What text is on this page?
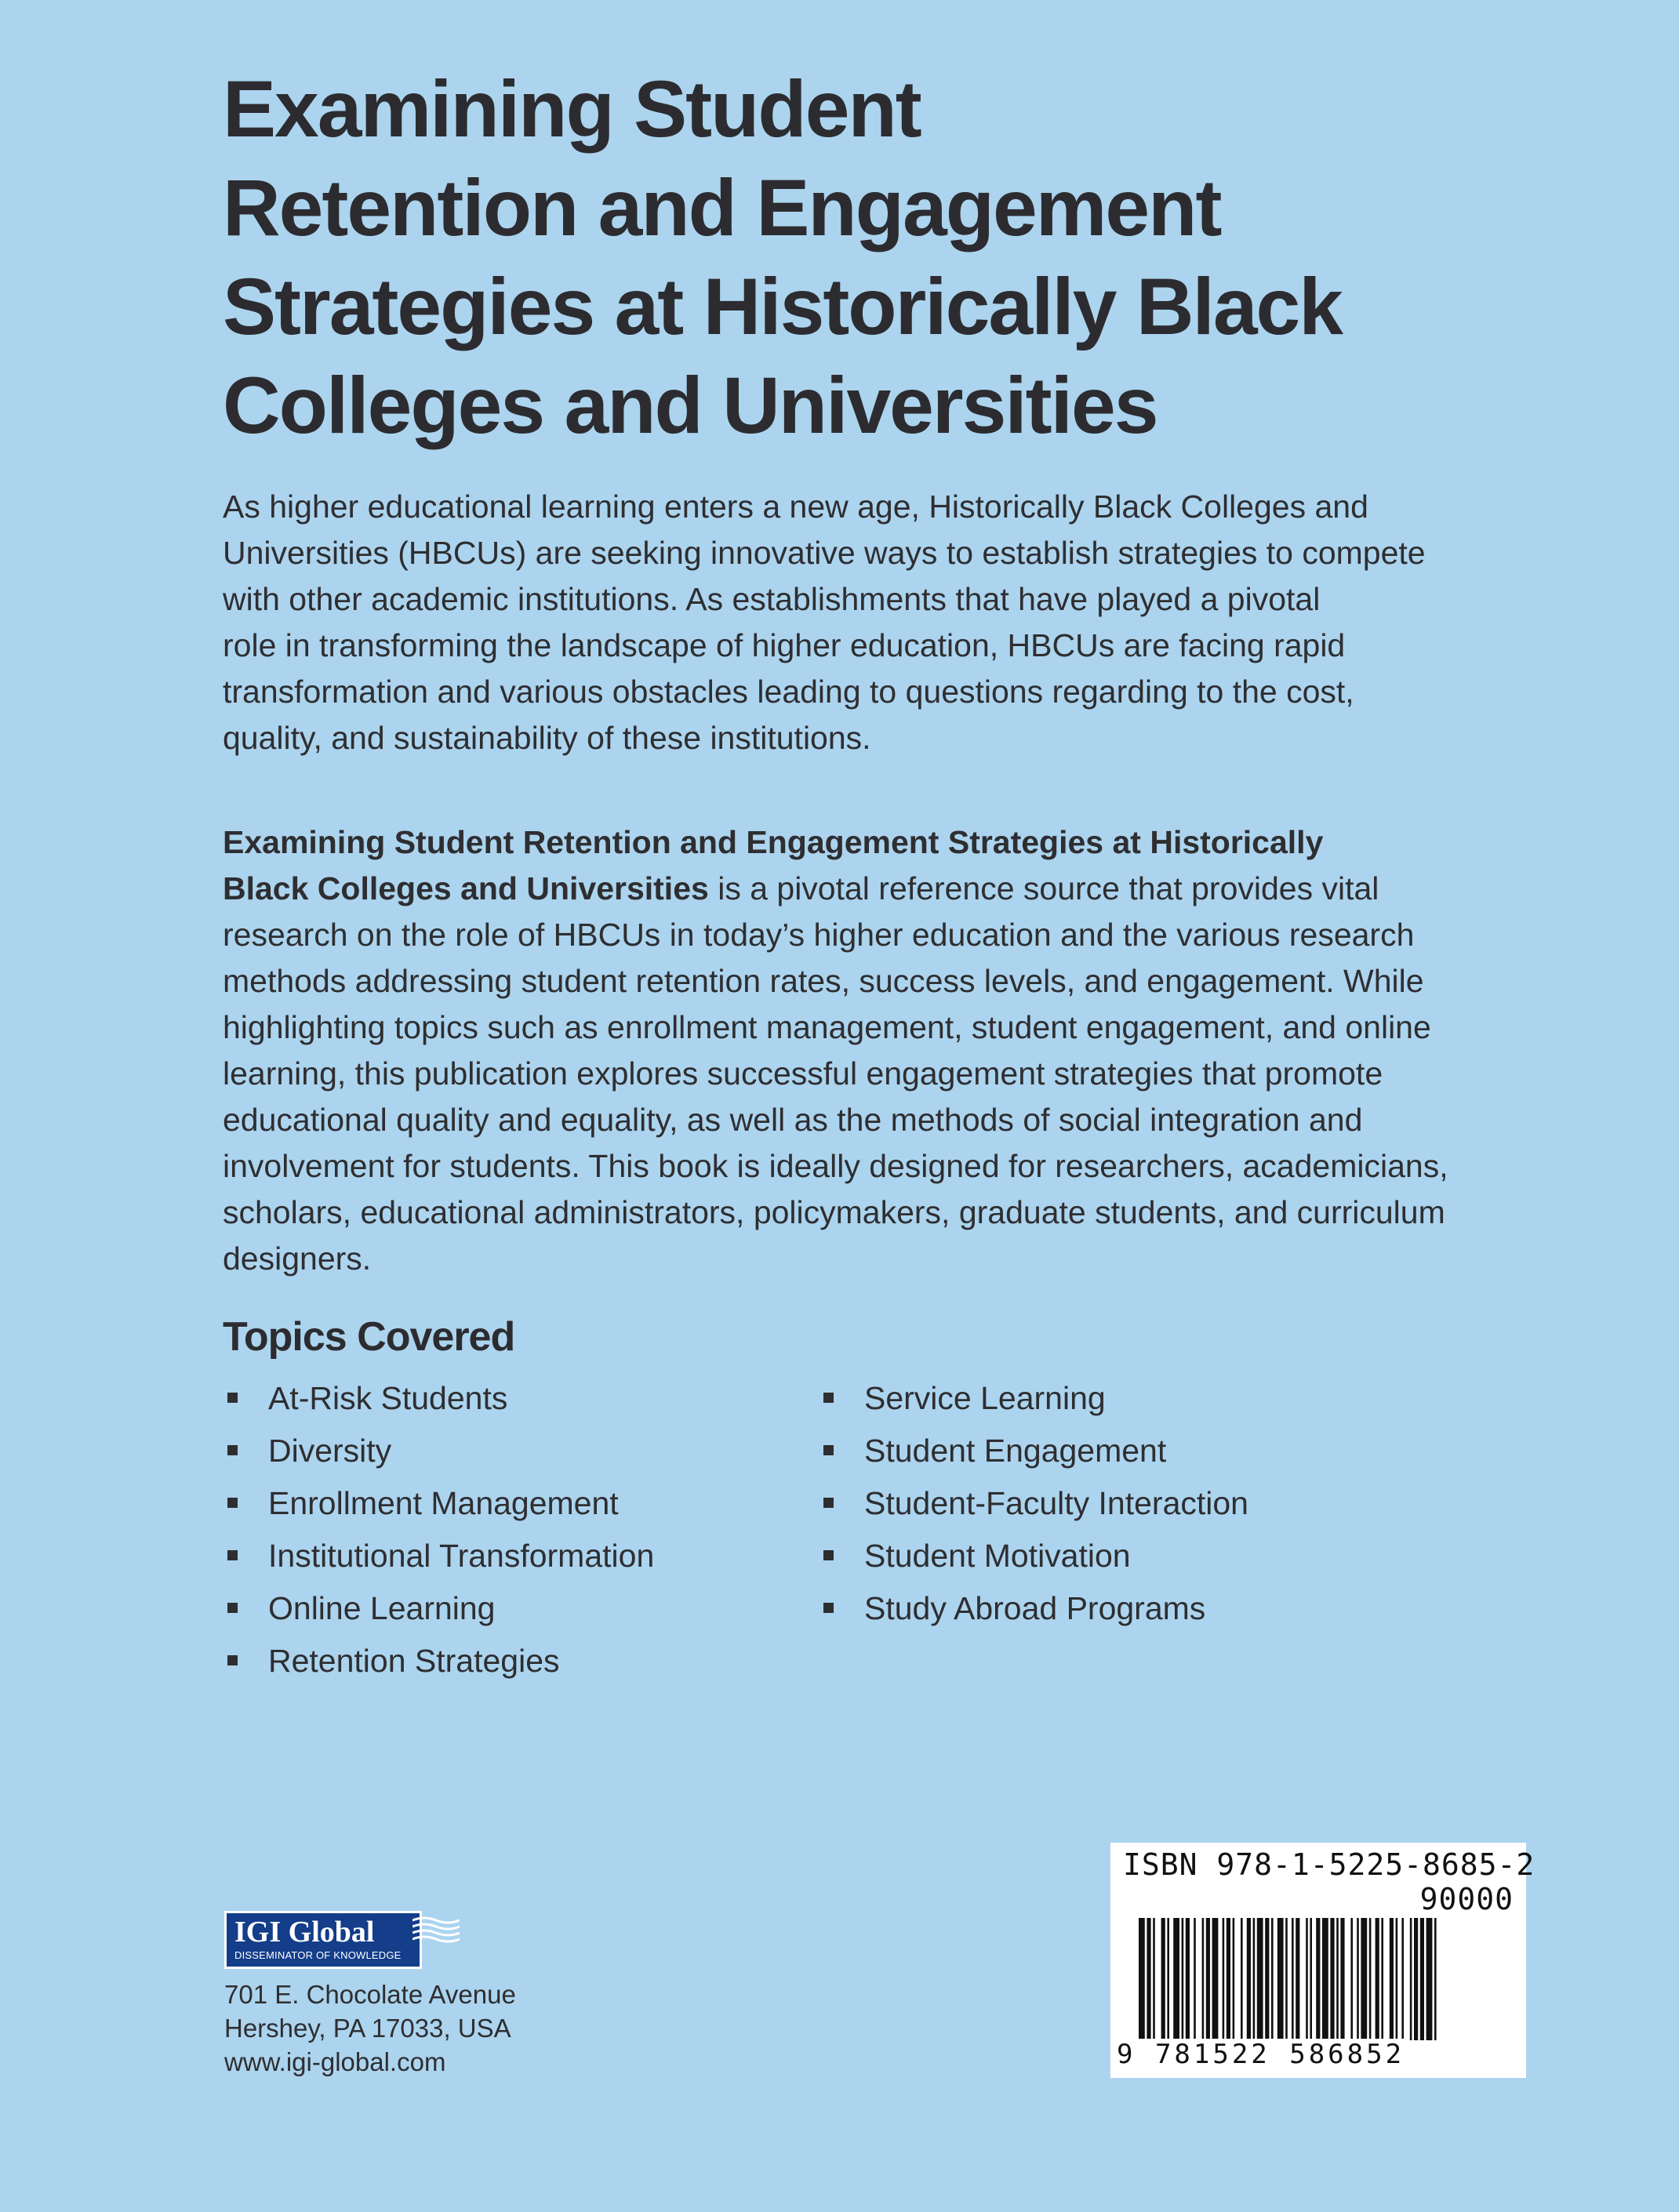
Examining Student
Retention and Engagement
Strategies at Historically Black
Colleges and Universities

As higher educational learning enters a new age, Historically Black Colleges and
Universities (HBCUs) are seeking innovative ways to establish strategies to compete
with other academic institutions. As establishments that have played a pivotal
role in transforming the landscape of higher education, HBCUs are facing rapid
transformation and various obstacles leading to questions regarding to the cost,
quality, and sustainability of these institutions.

Examining Student Retention and Engagement Strategies at Historically
Black Colleges and Universities is a pivotal reference source that provides vital
research on the role of HBCUs in today’s higher education and the various research
methods addressing student retention rates, success levels, and engagement. While
highlighting topics such as enrollment management, student engagement, and online
learning, this publication explores successful engagement strategies that promote
educational quality and equality, as well as the methods of social integration and
involvement for students. This book is ideally designed for researchers, academicians,
scholars, educational administrators, policymakers, graduate students, and curriculum
designers.

Topics Covered
At-Risk Students
Diversity
Enrollment Management
Institutional Transformation
Online Learning
Retention Strategies
Service Learning
Student Engagement
Student-Faculty Interaction
Student Motivation
Study Abroad Programs
IGI Global
DISSEMINATOR OF KNOWLEDGE

701 E. Chocolate Avenue
Hershey, PA 17033, USA
www.igi-global.com

ISBN 978-1-5225-8685-2
90000
9 781522 586852
